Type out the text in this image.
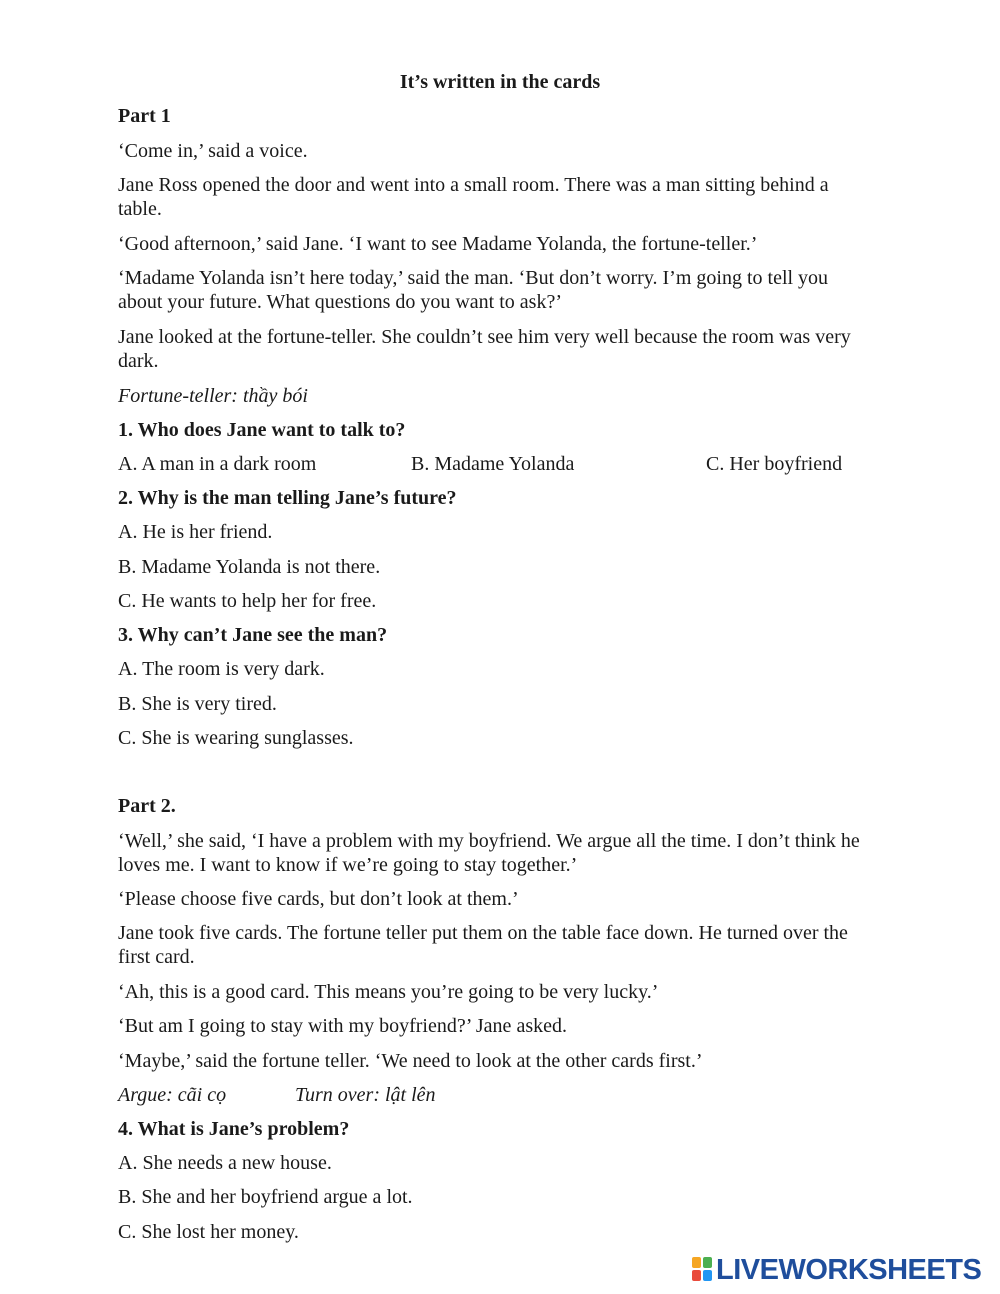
It’s written in the cards

Part 1

‘Come in,’ said a voice.

Jane Ross opened the door and went into a small room. There was a man sitting behind a

table.

‘Good afternoon,’ said Jane. ‘I want to see Madame Yolanda, the fortune-teller.’

‘Madame Yolanda isn’t here today,’ said the man. ‘But don’t worry. I’m going to tell you

about your future. What questions do you want to ask?’

Jane looked at the fortune-teller. She couldn’t see him very well because the room was very

dark.

Fortune-teller: thầy bói

1. Who does Jane want to talk to?

A. A man in a dark room	B. Madame Yolanda	C. Her boyfriend

2. Why is the man telling Jane’s future?

A. He is her friend.

B. Madame Yolanda is not there.

C. He wants to help her for free.

3. Why can’t Jane see the man?

A. The room is very dark.

B. She is very tired.

C. She is wearing sunglasses.

Part 2.

‘Well,’ she said, ‘I have a problem with my boyfriend. We argue all the time. I don’t think he

loves me. I want to know if we’re going to stay together.’

‘Please choose five cards, but don’t look at them.’

Jane took five cards. The fortune teller put them on the table face down. He turned over the

first card.

‘Ah, this is a good card. This means you’re going to be very lucky.’

‘But am I going to stay with my boyfriend?’ Jane asked.

‘Maybe,’ said the fortune teller. ‘We need to look at the other cards first.’

Argue: cãi cọ	Turn over: lật lên

4. What is Jane’s problem?

A. She needs a new house.

B. She and her boyfriend argue a lot.

C. She lost her money.

LIVEWORKSHEETS
